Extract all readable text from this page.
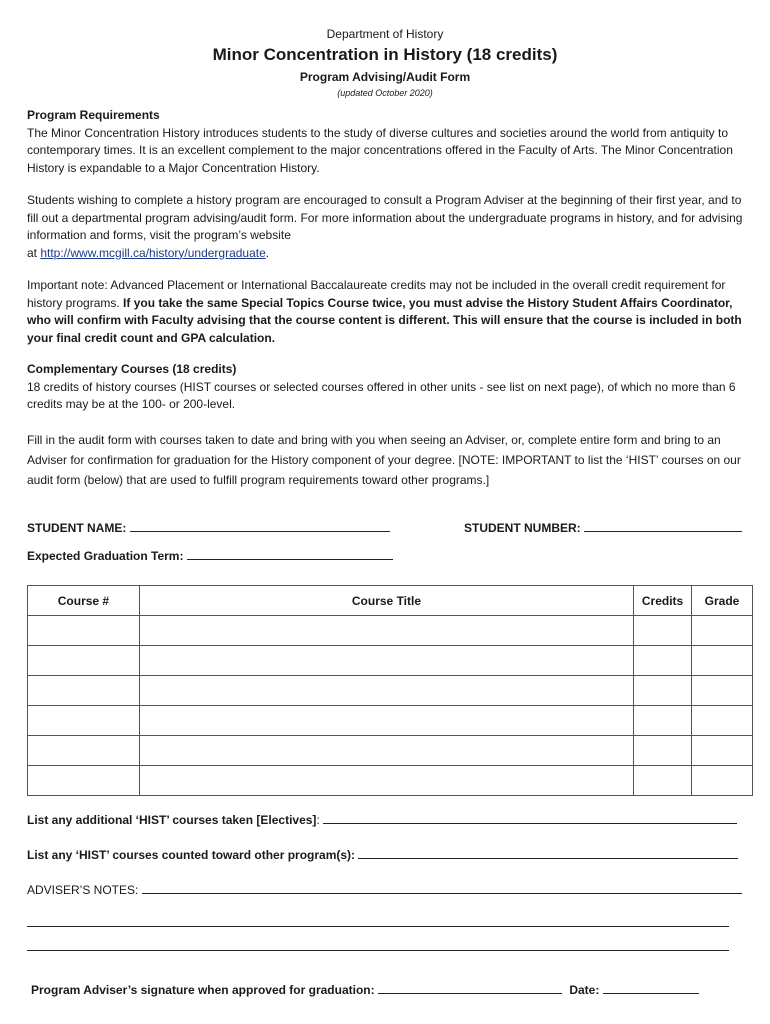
Department of History
Minor Concentration in History (18 credits)
Program Advising/Audit Form
(updated October 2020)
Program Requirements
The Minor Concentration History introduces students to the study of diverse cultures and societies around the world from antiquity to contemporary times. It is an excellent complement to the major concentrations offered in the Faculty of Arts. The Minor Concentration History is expandable to a Major Concentration History.
Students wishing to complete a history program are encouraged to consult a Program Adviser at the beginning of their first year, and to fill out a departmental program advising/audit form. For more information about the undergraduate programs in history, and for advising information and forms, visit the program’s website
at http://www.mcgill.ca/history/undergraduate.
Important note: Advanced Placement or International Baccalaureate credits may not be included in the overall credit requirement for history programs. If you take the same Special Topics Course twice, you must advise the History Student Affairs Coordinator, who will confirm with Faculty advising that the course content is different. This will ensure that the course is included in both your final credit count and GPA calculation.
Complementary Courses (18 credits)
18 credits of history courses (HIST courses or selected courses offered in other units - see list on next page), of which no more than 6 credits may be at the 100- or 200-level.
Fill in the audit form with courses taken to date and bring with you when seeing an Adviser, or, complete entire form and bring to an Adviser for confirmation for graduation for the History component of your degree. [NOTE: IMPORTANT to list the ‘HIST’ courses on our audit form (below) that are used to fulfill program requirements toward other programs.]
STUDENT NAME:	STUDENT NUMBER:
Expected Graduation Term:
Course #	Course Title	Credits	Grade

List any additional ‘HIST’ courses taken [Electives]:
List any ‘HIST’ courses counted toward other program(s):
ADVISER’S NOTES:
Program Adviser’s signature when approved for graduation:	Date:
